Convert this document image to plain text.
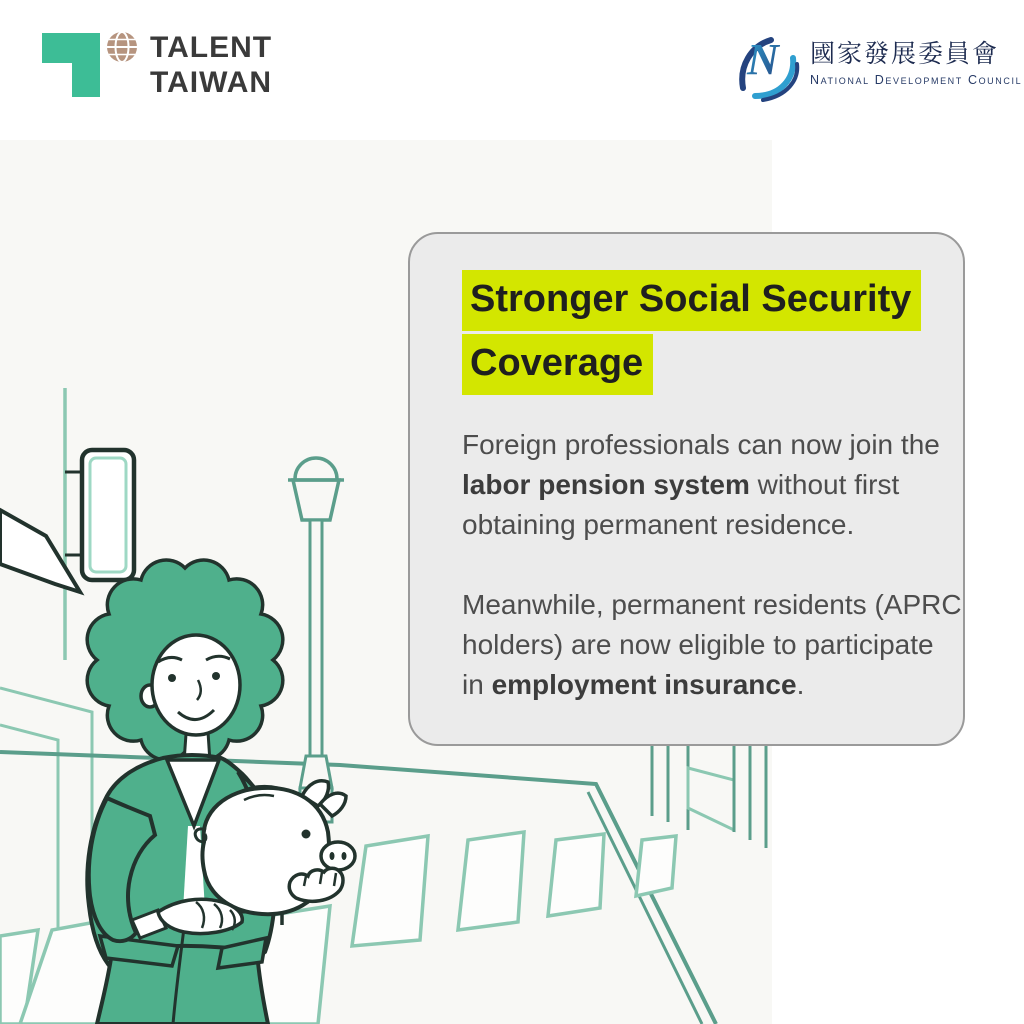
TALENT
TAIWAN	N 國家發展委員會
National Development Council
Stronger Social Security
Coverage

Foreign professionals can now join the labor pension system without first obtaining permanent residence.

Meanwhile, permanent residents (APRC holders) are now eligible to participate in employment insurance.
